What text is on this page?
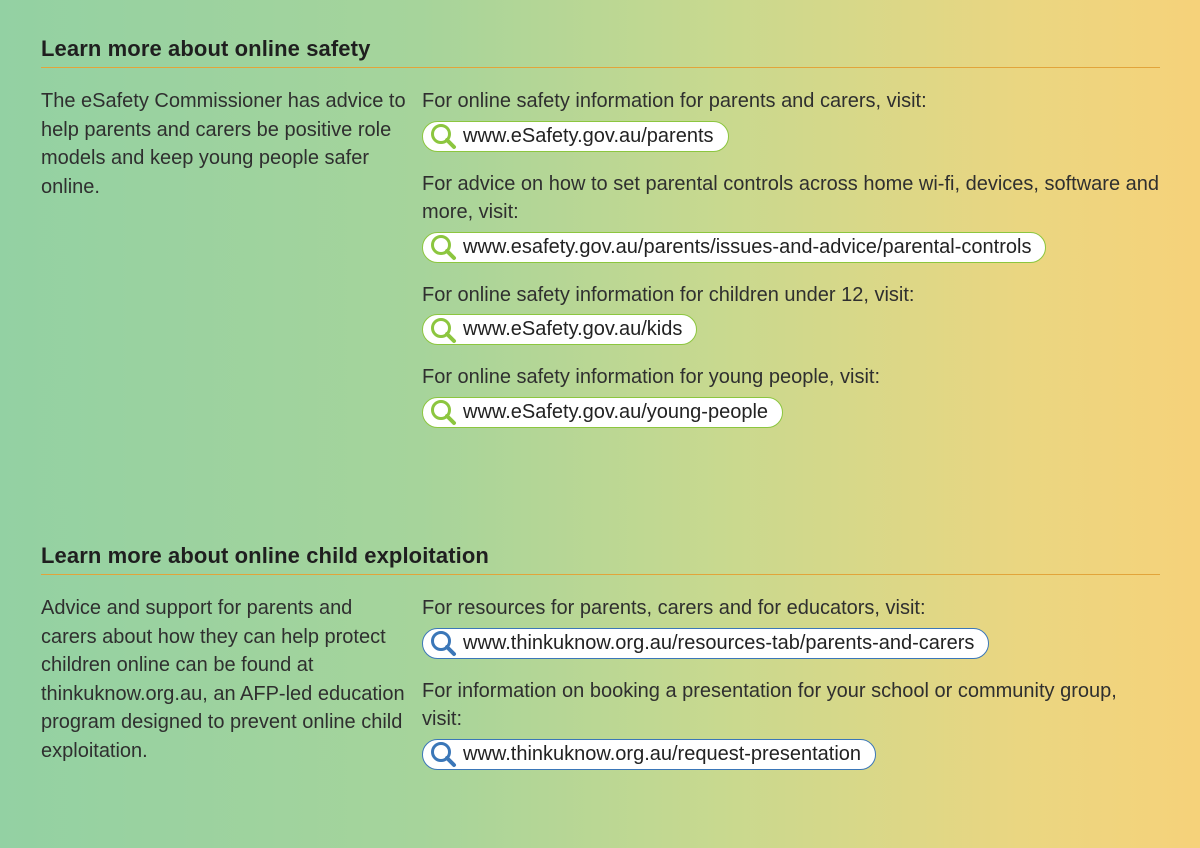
Learn more about online safety

The eSafety Commissioner has advice to help parents and carers be positive role models and keep young people safer online.

For online safety information for parents and carers, visit:

www.eSafety.gov.au/parents

For advice on how to set parental controls across home wi-fi, devices, software and more, visit:

www.esafety.gov.au/parents/issues-and-advice/parental-controls

For online safety information for children under 12, visit:

www.eSafety.gov.au/kids

For online safety information for young people, visit:

www.eSafety.gov.au/young-people
Learn more about online child exploitation

Advice and support for parents and carers about how they can help protect children online can be found at thinkuknow.org.au, an AFP-led education program designed to prevent online child exploitation.

For resources for parents, carers and for educators, visit:

www.thinkuknow.org.au/resources-tab/parents-and-carers

For information on booking a presentation for your school or community group, visit:

www.thinkuknow.org.au/request-presentation
